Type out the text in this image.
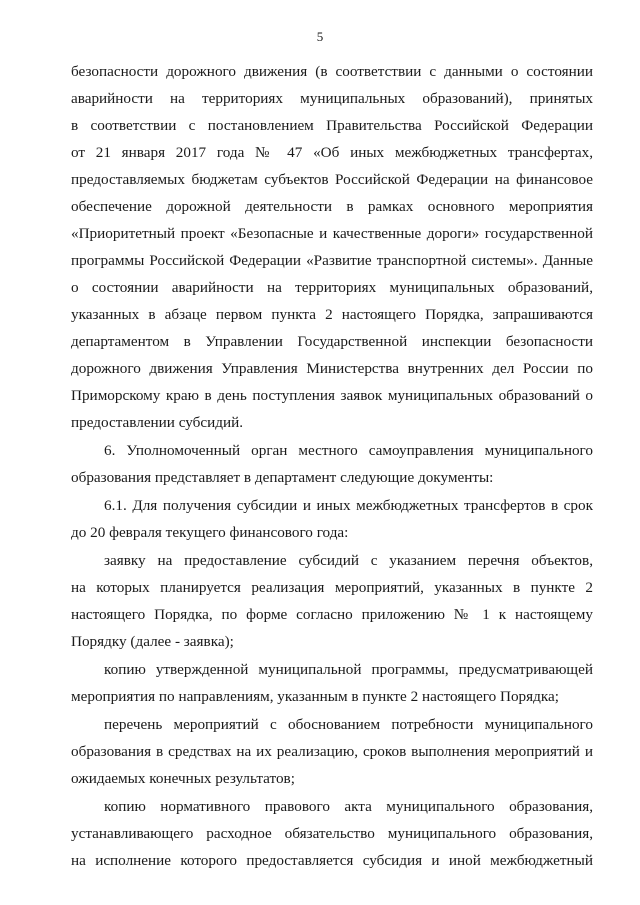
5
безопасности дорожного движения (в соответствии с данными о состоянии
аварийности на территориях муниципальных образований), принятых
в соответствии с постановлением Правительства Российской Федерации
от 21 января 2017 года № 47 «Об иных межбюджетных трансфертах,
предоставляемых бюджетам субъектов Российской Федерации на финансовое
обеспечение дорожной деятельности в рамках основного мероприятия
«Приоритетный проект «Безопасные и качественные дороги» государственной
программы Российской Федерации «Развитие транспортной системы». Данные
о состоянии аварийности на территориях муниципальных образований,
указанных в абзаце первом пункта 2 настоящего Порядка, запрашиваются
департаментом в Управлении Государственной инспекции безопасности
дорожного движения Управления Министерства внутренних дел России по
Приморскому краю в день поступления заявок муниципальных образований о
предоставлении субсидий.
6. Уполномоченный орган местного самоуправления муниципального
образования представляет в департамент следующие документы:
6.1. Для получения субсидии и иных межбюджетных трансфертов в срок
до 20 февраля текущего финансового года:
заявку на предоставление субсидий с указанием перечня объектов,
на которых планируется реализация мероприятий, указанных в пункте 2
настоящего Порядка, по форме согласно приложению № 1 к настоящему
Порядку (далее - заявка);
копию утвержденной муниципальной программы, предусматривающей
мероприятия по направлениям, указанным в пункте 2 настоящего Порядка;
перечень мероприятий с обоснованием потребности муниципального
образования в средствах на их реализацию, сроков выполнения мероприятий и
ожидаемых конечных результатов;
копию нормативного правового акта муниципального образования,
устанавливающего расходное обязательство муниципального образования,
на исполнение которого предоставляется субсидия и иной межбюджетный
